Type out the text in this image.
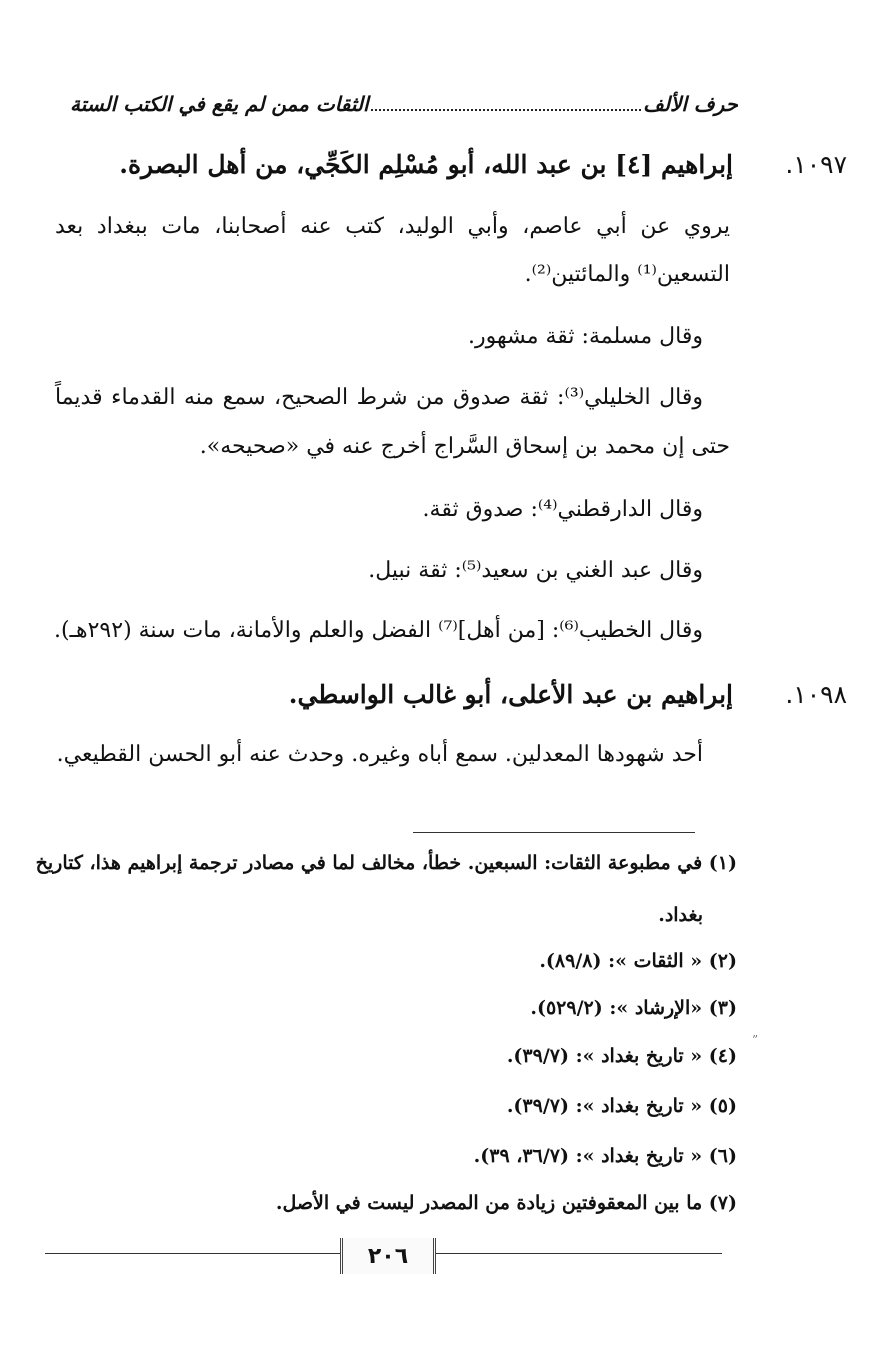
حرف الألف
الثقات ممن لم يقع في الكتب الستة
١٠٩٧.
إبراهيم [٤] بن عبد الله، أبو مُسْلِم الكَجِّي، من أهل البصرة.
يروي عن أبي عاصم، وأبي الوليد، كتب عنه أصحابنا، مات ببغداد بعد
التسعين⁽¹⁾ والمائتين⁽²⁾.
وقال مسلمة: ثقة مشهور.
وقال الخليلي⁽³⁾: ثقة صدوق من شرط الصحيح، سمع منه القدماء قديماً
حتى إن محمد بن إسحاق السَّراج أخرج عنه في «صحيحه».
وقال الدارقطني⁽⁴⁾: صدوق ثقة.
وقال عبد الغني بن سعيد⁽⁵⁾: ثقة نبيل.
وقال الخطيب⁽⁶⁾: [من أهل]⁽⁷⁾ الفضل والعلم والأمانة، مات سنة (٢٩٢هـ).
١٠٩٨.
إبراهيم بن عبد الأعلى، أبو غالب الواسطي.
أحد شهودها المعدلين. سمع أباه وغيره. وحدث عنه أبو الحسن القطيعي.
(١) في مطبوعة الثقات: السبعين. خطأ، مخالف لما في مصادر ترجمة إبراهيم هذا، كتاريخ
بغداد.
(٢) « الثقات »: (٨٩/٨).
(٣) «الإرشاد »: (٥٢٩/٢).
(٤) « تاريخ بغداد »: (٣٩/٧).
(٥) « تاريخ بغداد »: (٣٩/٧).
(٦) « تاريخ بغداد »: (٣٦/٧، ٣٩).
(٧) ما بين المعقوفتين زيادة من المصدر ليست في الأصل.
”
٢٠٦
